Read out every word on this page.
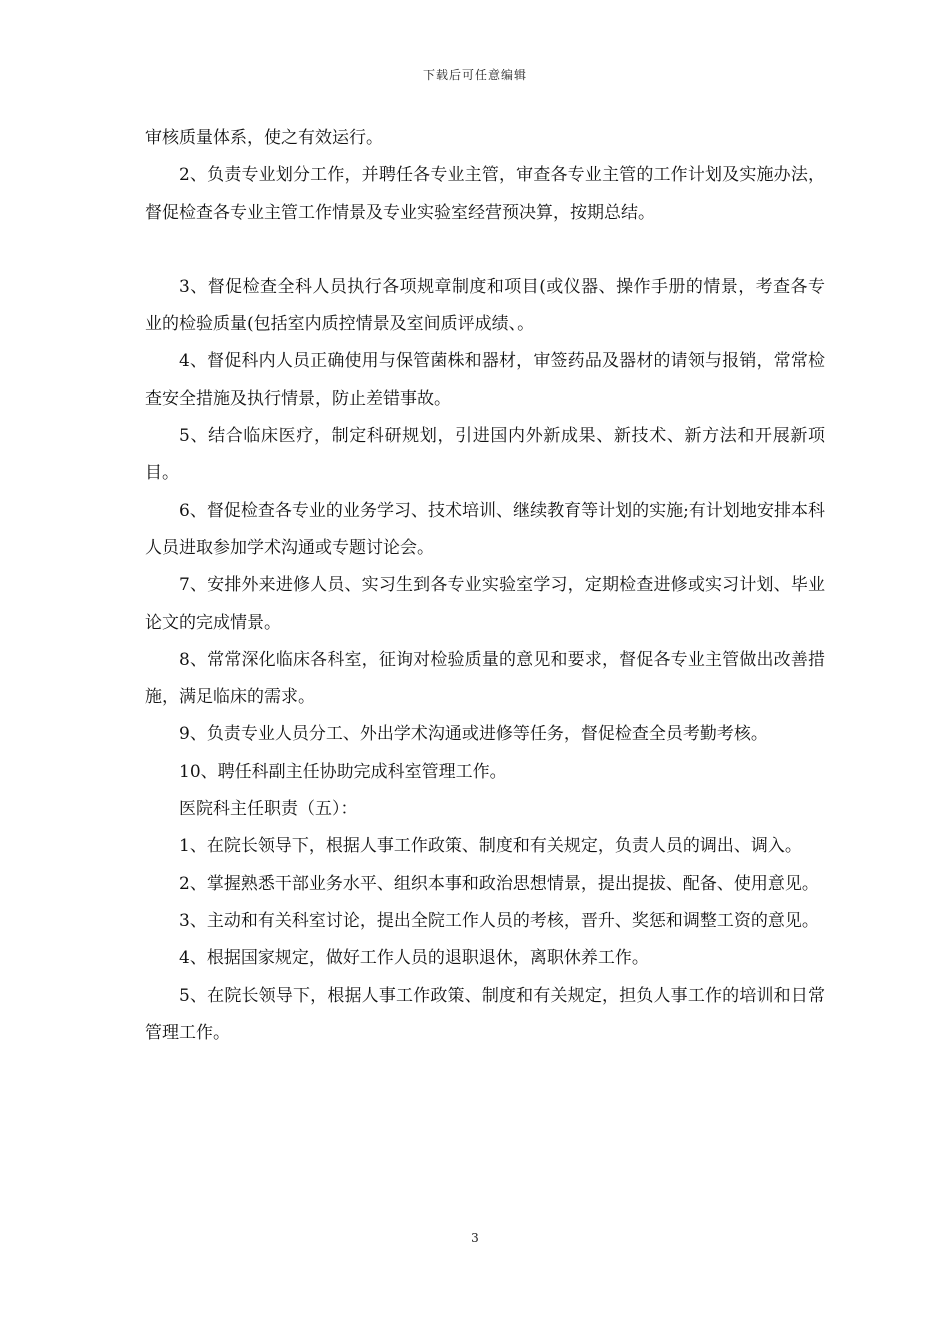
下载后可任意编辑

审核质量体系，使之有效运行。

2、负责专业划分工作，并聘任各专业主管，审查各专业主管的工作计划及实施办法，督促检查各专业主管工作情景及专业实验室经营预决算，按期总结。

3、督促检查全科人员执行各项规章制度和项目(或仪器、操作手册的情景，考查各专业的检验质量(包括室内质控情景及室间质评成绩、。

4、督促科内人员正确使用与保管菌株和器材，审签药品及器材的请领与报销，常常检查安全措施及执行情景，防止差错事故。

5、结合临床医疗，制定科研规划，引进国内外新成果、新技术、新方法和开展新项目。

6、督促检查各专业的业务学习、技术培训、继续教育等计划的实施;有计划地安排本科人员进取参加学术沟通或专题讨论会。

7、安排外来进修人员、实习生到各专业实验室学习，定期检查进修或实习计划、毕业论文的完成情景。

8、常常深化临床各科室，征询对检验质量的意见和要求，督促各专业主管做出改善措施，满足临床的需求。

9、负责专业人员分工、外出学术沟通或进修等任务，督促检查全员考勤考核。

10、聘任科副主任协助完成科室管理工作。

医院科主任职责（五）：

1、在院长领导下，根据人事工作政策、制度和有关规定，负责人员的调出、调入。

2、掌握熟悉干部业务水平、组织本事和政治思想情景，提出提拔、配备、使用意见。

3、主动和有关科室讨论，提出全院工作人员的考核，晋升、奖惩和调整工资的意见。

4、根据国家规定，做好工作人员的退职退休，离职休养工作。

5、在院长领导下，根据人事工作政策、制度和有关规定，担负人事工作的培训和日常管理工作。

3
